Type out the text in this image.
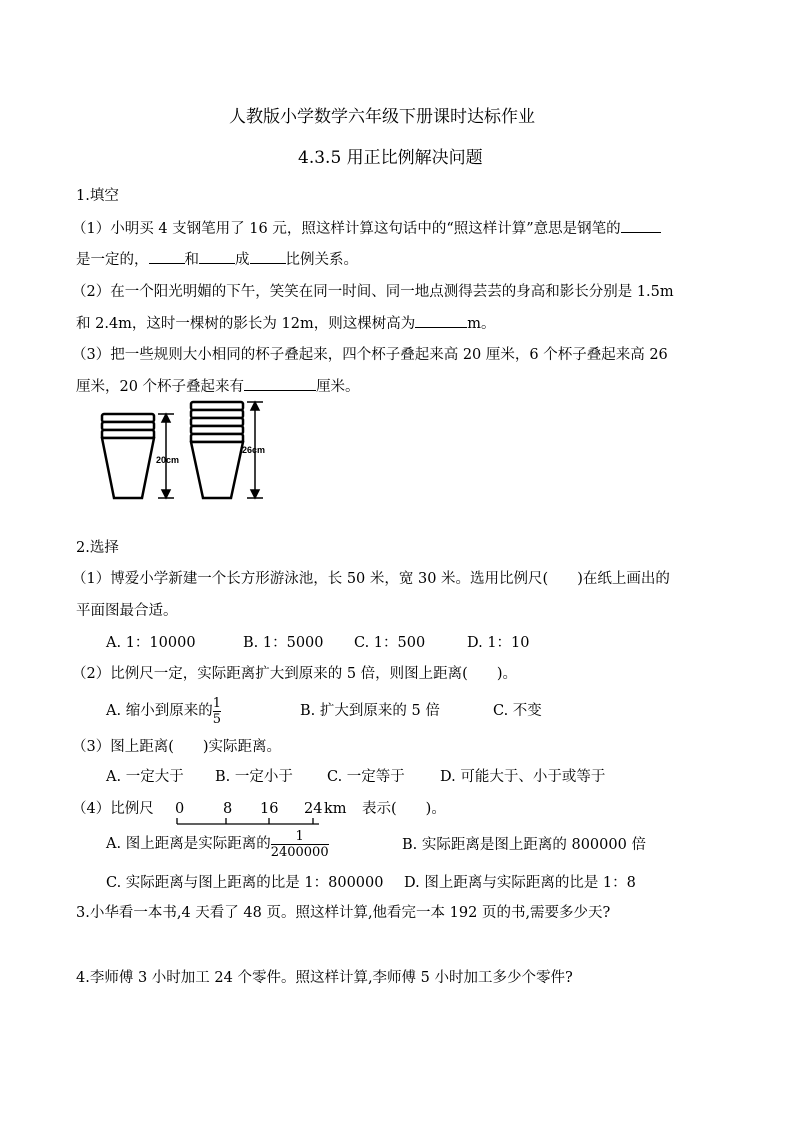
人教版小学数学六年级下册课时达标作业
4.3.5 用正比例解决问题
1.填空
（1）小明买 4 支钢笔用了 16 元，照这样计算这句话中的“照这样计算”意思是钢笔的
是一定的， 和 成 比例关系。
（2）在一个阳光明媚的下午，笑笑在同一时间、同一地点测得芸芸的身高和影长分别是 1.5m
和 2.4m，这时一棵树的影长为 12m，则这棵树高为	m。
（3）把一些规则大小相同的杯子叠起来，四个杯子叠起来高 20 厘米，6 个杯子叠起来高 26
厘米，20 个杯子叠起来有	厘米。
20cm
26cm
2.选择
（1）博爱小学新建一个长方形游泳池，长 50 米，宽 30 米。选用比例尺(　　)在纸上画出的
平面图最合适。
A. 1：10000	B. 1：5000 C. 1：500	D. 1：10
（2）比例尺一定，实际距离扩大到原来的 5 倍，则图上距离(　　)。
A. 缩小到原来的 $\frac{1}{5}$	B. 扩大到原来的 5 倍	C. 不变
（3）图上距离(　　)实际距离。
A. 一定大于 B. 一定小于 C. 一定等于 D. 可能大于、小于或等于
（4）比例尺 0	8 16 24 km 表示(　　)。
A. 图上距离是实际距离的 $\frac{1}{2400000}$	B. 实际距离是图上距离的 800000 倍
C. 实际距离与图上距离的比是 1：800000 D. 图上距离与实际距离的比是 1：8
3.小华看一本书,4 天看了 48 页。照这样计算,他看完一本 192 页的书,需要多少天?
4.李师傅 3 小时加工 24 个零件。照这样计算,李师傅 5 小时加工多少个零件?
